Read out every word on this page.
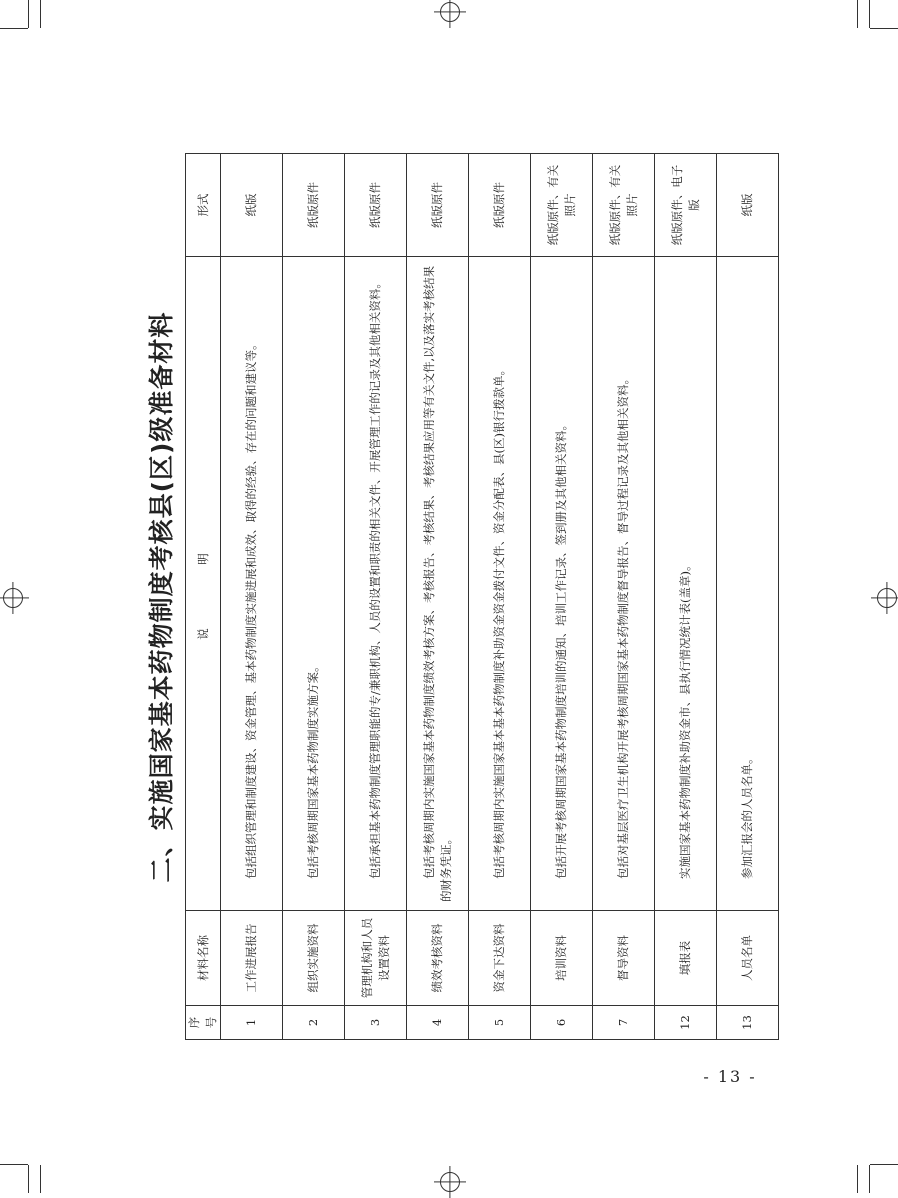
二、实施国家基本药物制度考核县(区)级准备材料
序号	材料名称	说　明	形式
1	工作进展报告	包括组织管理和制度建设、资金管理、基本药物制度实施进展和成效、取得的经验、存在的问题和建议等。	纸版
2	组织实施资料	包括考核周期国家基本药物制度实施方案。	纸版原件
3	管理机构和人员设置资料	包括承担基本药物制度管理职能的专/兼职机构、人员的设置和职责的相关文件、开展管理工作的记录及其他相关资料。	纸版原件
4	绩效考核资料	包括考核周期内实施国家基本药物制度绩效考核方案、考核报告、考核结果、考核结果应用等有关文件,以及落实考核结果的财务凭证。	纸版原件
5	资金下达资料	包括考核周期内实施国家基本基本药物制度补助资金资金拨付文件、资金分配表、县(区)银行拨款单。	纸版原件
6	培训资料	包括开展考核周期国家基本药物制度培训的通知、培训工作记录、签到册及其他相关资料。	纸版原件、有关照片
7	督导资料	包括对基层医疗卫生机构开展考核周期国家基本药物制度督导报告、督导过程记录及其他相关资料。	纸版原件、有关照片
12	填报表	实施国家基本药物制度补助资金市、县执行情况统计表(盖章)。	纸版原件、电子版
13	人员名单	参加汇报会的人员名单。	纸版
- 13 -
